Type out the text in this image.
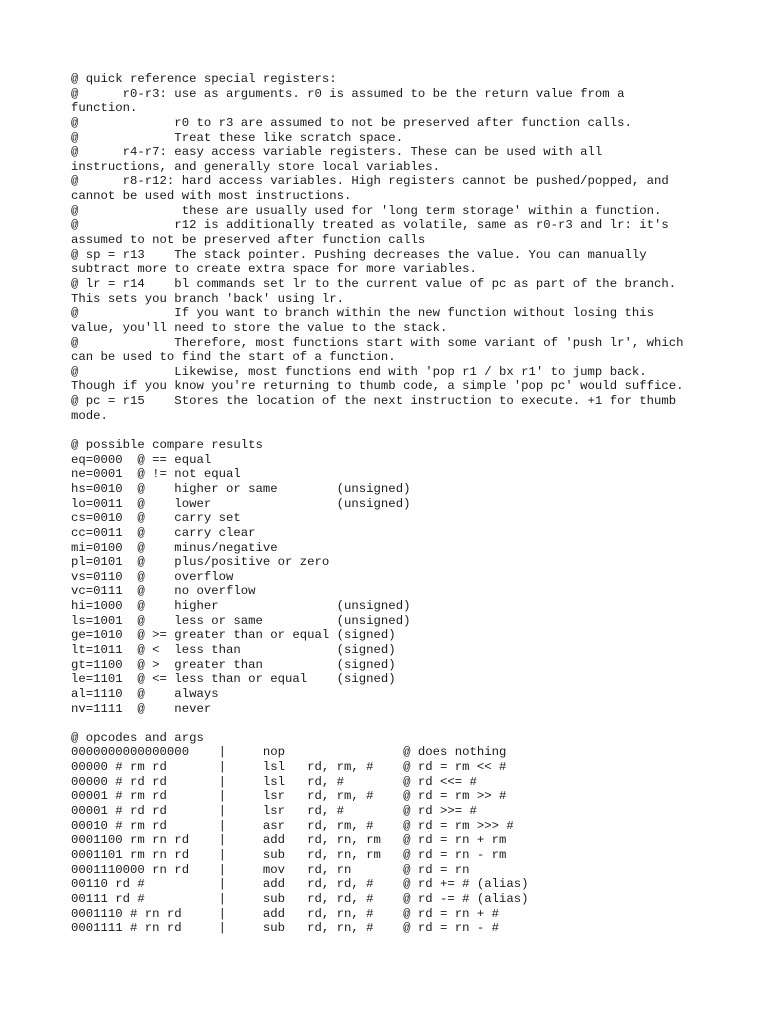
@ quick reference special registers:
@      r0-r3: use as arguments. r0 is assumed to be the return value from a
function.
@             r0 to r3 are assumed to not be preserved after function calls.
@             Treat these like scratch space.
@      r4-r7: easy access variable registers. These can be used with all
instructions, and generally store local variables.
@      r8-r12: hard access variables. High registers cannot be pushed/popped, and
cannot be used with most instructions.
@              these are usually used for 'long term storage' within a function.
@             r12 is additionally treated as volatile, same as r0-r3 and lr: it's
assumed to not be preserved after function calls
@ sp = r13    The stack pointer. Pushing decreases the value. You can manually
subtract more to create extra space for more variables.
@ lr = r14    bl commands set lr to the current value of pc as part of the branch.
This sets you branch 'back' using lr.
@             If you want to branch within the new function without losing this
value, you'll need to store the value to the stack.
@             Therefore, most functions start with some variant of 'push lr', which
can be used to find the start of a function.
@             Likewise, most functions end with 'pop r1 / bx r1' to jump back.
Though if you know you're returning to thumb code, a simple 'pop pc' would suffice.
@ pc = r15    Stores the location of the next instruction to execute. +1 for thumb
mode.
@ possible compare results
eq=0000  @ == equal
ne=0001  @ != not equal
hs=0010  @    higher or same        (unsigned)
lo=0011  @    lower                 (unsigned)
cs=0010  @    carry set
cc=0011  @    carry clear
mi=0100  @    minus/negative
pl=0101  @    plus/positive or zero
vs=0110  @    overflow
vc=0111  @    no overflow
hi=1000  @    higher                (unsigned)
ls=1001  @    less or same          (unsigned)
ge=1010  @ >= greater than or equal (signed)
lt=1011  @ <  less than             (signed)
gt=1100  @ >  greater than          (signed)
le=1101  @ <= less than or equal    (signed)
al=1110  @    always
nv=1111  @    never
@ opcodes and args
0000000000000000    |     nop                @ does nothing
00000 # rm rd       |     lsl   rd, rm, #    @ rd = rm << #
00000 # rd rd       |     lsl   rd, #        @ rd <<= #
00001 # rm rd       |     lsr   rd, rm, #    @ rd = rm >> #
00001 # rd rd       |     lsr   rd, #        @ rd >>= #
00010 # rm rd       |     asr   rd, rm, #    @ rd = rm >>> #
0001100 rm rn rd    |     add   rd, rn, rm   @ rd = rn + rm
0001101 rm rn rd    |     sub   rd, rn, rm   @ rd = rn - rm
0001110000 rn rd    |     mov   rd, rn       @ rd = rn
00110 rd #          |     add   rd, rd, #    @ rd += # (alias)
00111 rd #          |     sub   rd, rd, #    @ rd -= # (alias)
0001110 # rn rd     |     add   rd, rn, #    @ rd = rn + #
0001111 # rn rd     |     sub   rd, rn, #    @ rd = rn - #
